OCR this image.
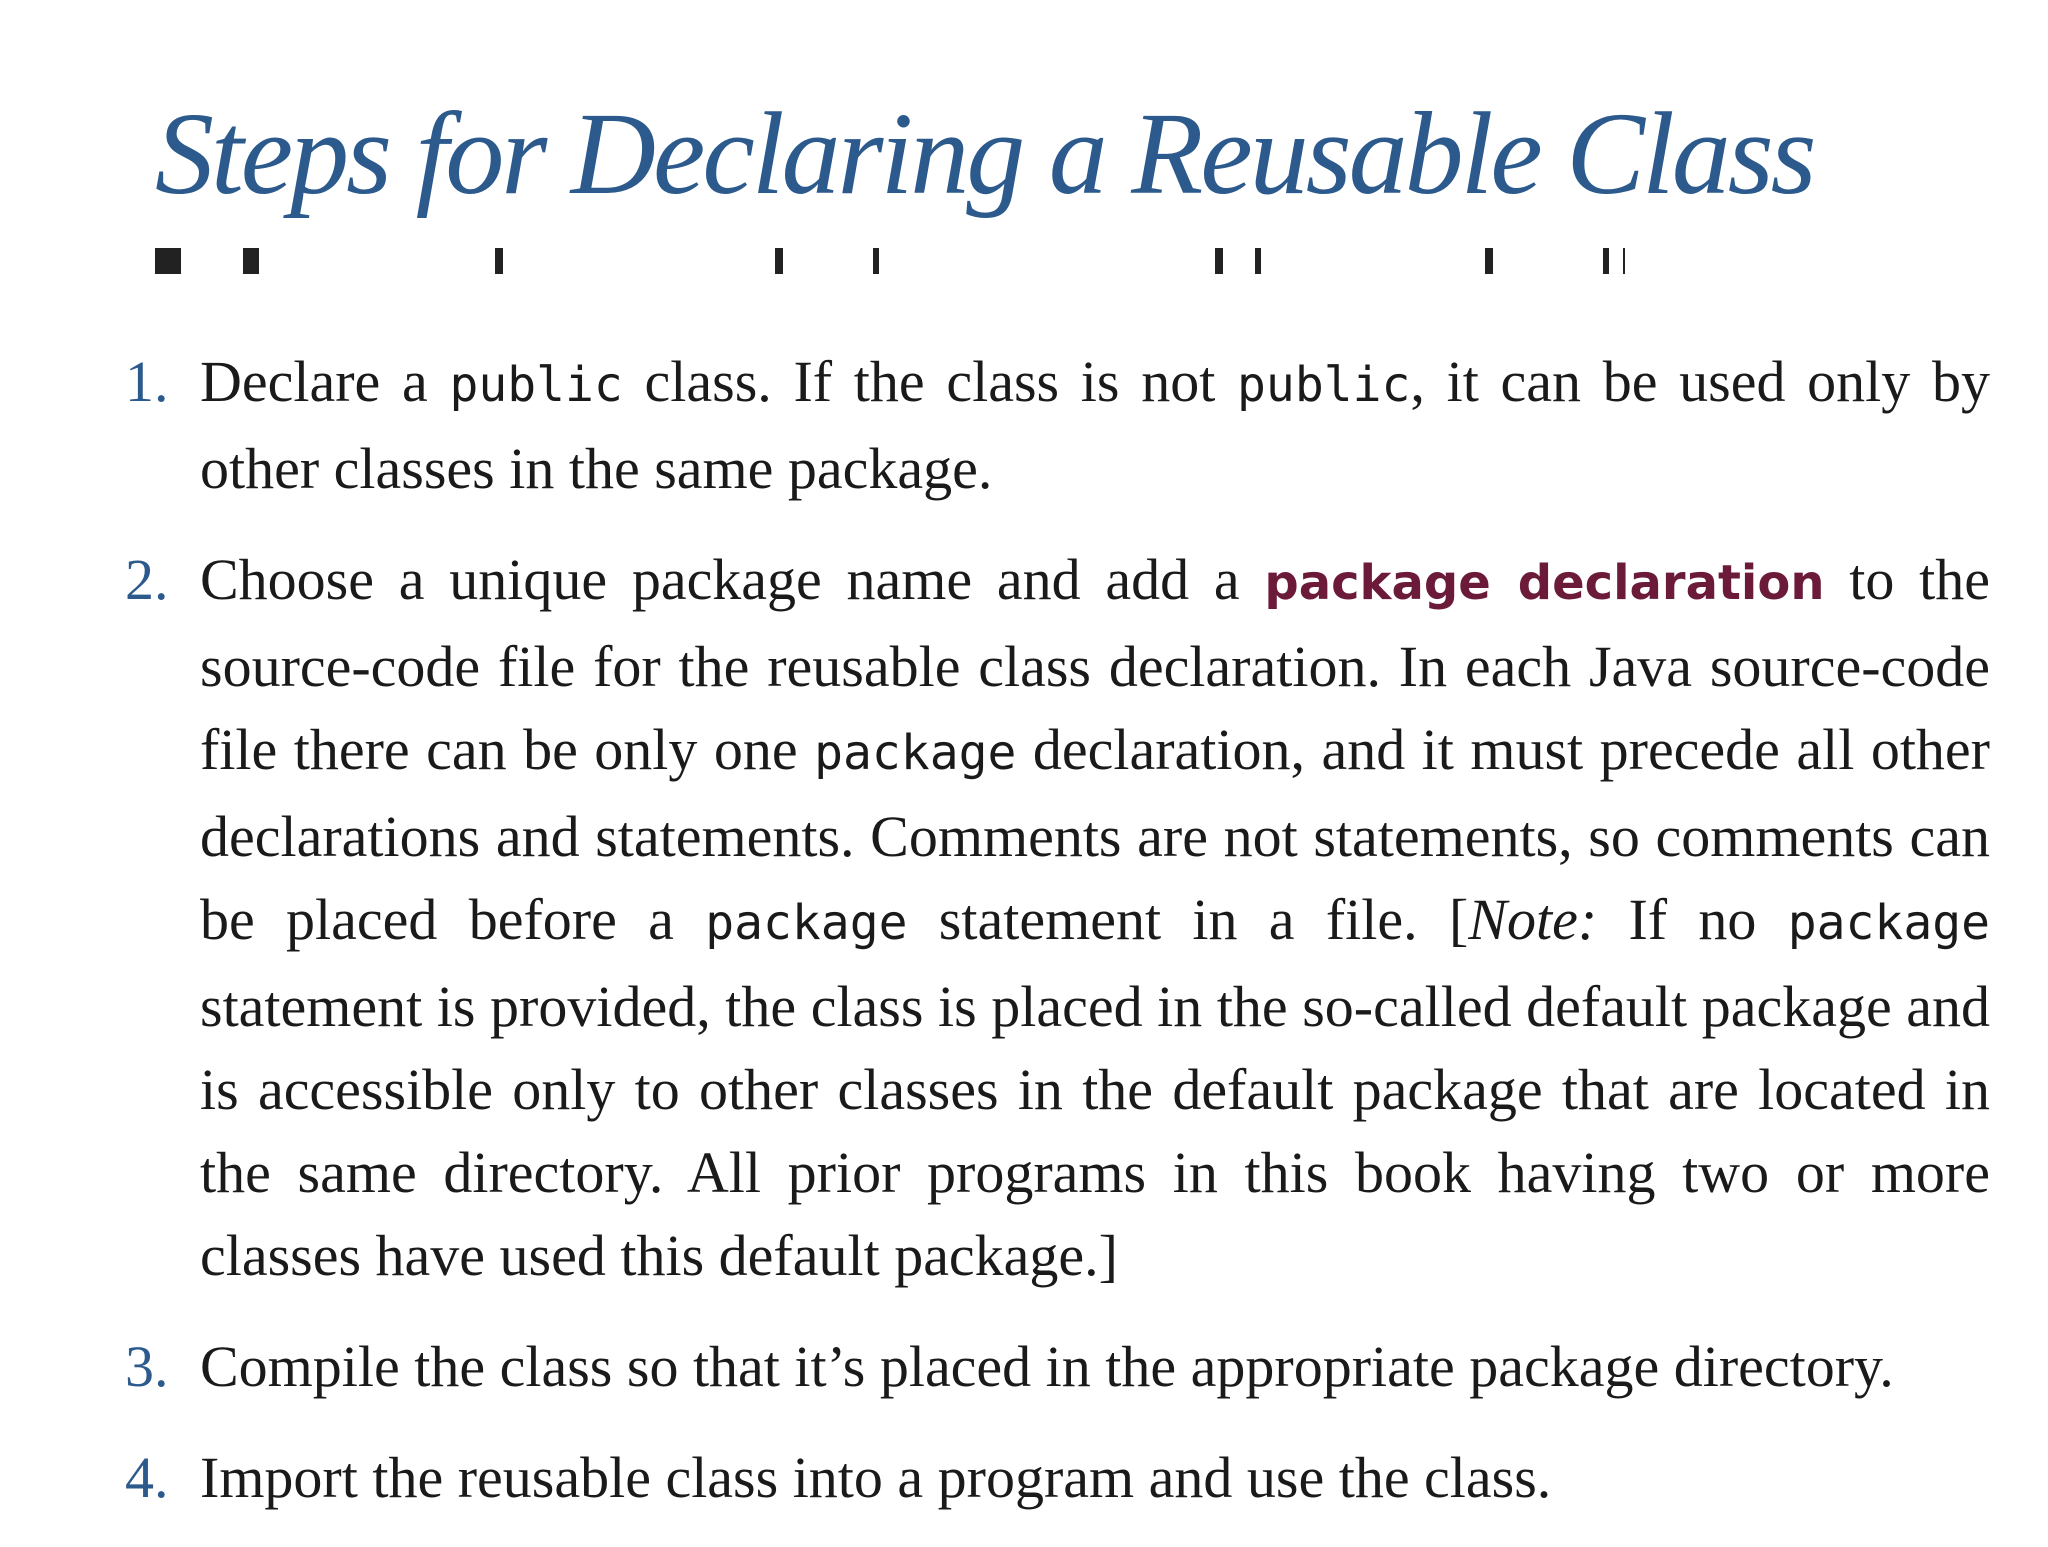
Steps for Declaring a Reusable Class
1. Declare a public class. If the class is not public, it can be used only by other classes in the same package.
2. Choose a unique package name and add a package declaration to the source-code file for the reusable class declaration. In each Java source-code file there can be only one package declaration, and it must precede all other declarations and statements. Comments are not statements, so comments can be placed before a package statement in a file. [Note: If no package statement is provided, the class is placed in the so-called default package and is accessible only to other classes in the default package that are located in the same directory. All prior programs in this book having two or more classes have used this default package.]
3. Compile the class so that it’s placed in the appropriate package directory.
4. Import the reusable class into a program and use the class.
